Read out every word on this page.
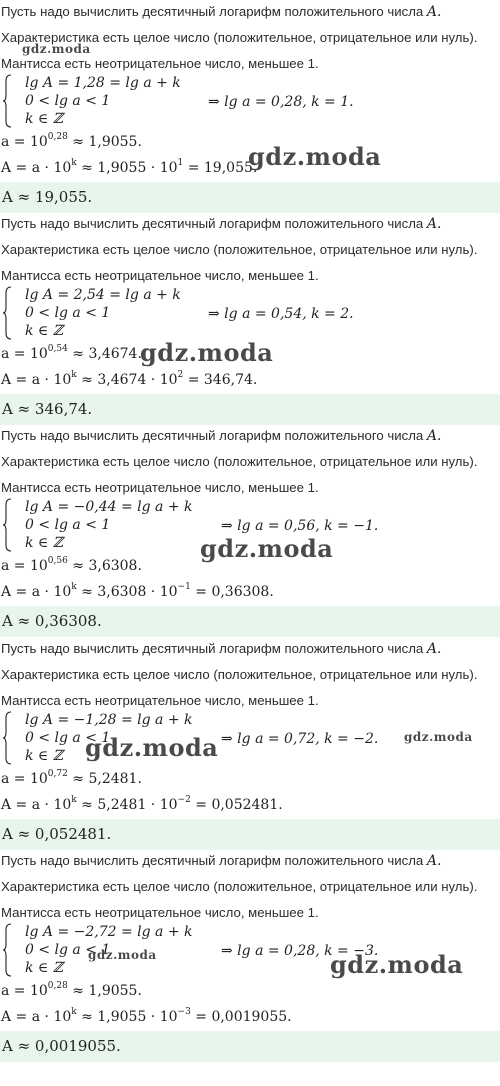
Пусть надо вычислить десятичный логарифм положительного числа A.
Характеристика есть целое число (положительное, отрицательное или нуль).
Мантисса есть неотрицательное число, меньшее 1.
lg A = 1,28 = lg a + k
0 < lg a < 1
k ∈ ℤ
⇒ lg a = 0,28, k = 1.
$a = 10^{0,28} \approx 1,9055$.
$A = a \cdot 10^k \approx 1,9055 \cdot 10^1 = 19,055$.
A ≈ 19,055.
Пусть надо вычислить десятичный логарифм положительного числа A.
Характеристика есть целое число (положительное, отрицательное или нуль).
Мантисса есть неотрицательное число, меньшее 1.
lg A = 2,54 = lg a + k
0 < lg a < 1
k ∈ ℤ
⇒ lg a = 0,54, k = 2.
$a = 10^{0,54} \approx 3,4674$.
$A = a \cdot 10^k \approx 3,4674 \cdot 10^2 = 346,74$.
A ≈ 346,74.
Пусть надо вычислить десятичный логарифм положительного числа A.
Характеристика есть целое число (положительное, отрицательное или нуль).
Мантисса есть неотрицательное число, меньшее 1.
lg A = −0,44 = lg a + k
0 < lg a < 1
k ∈ ℤ
⇒ lg a = 0,56, k = −1.
$a = 10^{0,56} \approx 3,6308$.
$A = a \cdot 10^k \approx 3,6308 \cdot 10^{-1} = 0,36308$.
A ≈ 0,36308.
Пусть надо вычислить десятичный логарифм положительного числа A.
Характеристика есть целое число (положительное, отрицательное или нуль).
Мантисса есть неотрицательное число, меньшее 1.
lg A = −1,28 = lg a + k
0 < lg a < 1
k ∈ ℤ
⇒ lg a = 0,72, k = −2.
$a = 10^{0,72} \approx 5,2481$.
$A = a \cdot 10^k \approx 5,2481 \cdot 10^{-2} = 0,052481$.
A ≈ 0,052481.
Пусть надо вычислить десятичный логарифм положительного числа A.
Характеристика есть целое число (положительное, отрицательное или нуль).
Мантисса есть неотрицательное число, меньшее 1.
lg A = −2,72 = lg a + k
0 < lg a < 1
k ∈ ℤ
⇒ lg a = 0,28, k = −3.
$a = 10^{0,28} \approx 1,9055$.
$A = a \cdot 10^k \approx 1,9055 \cdot 10^{-3} = 0,0019055$.
A ≈ 0,0019055.
gdz.moda
gdz.moda
gdz.moda
gdz.moda
gdz.moda	gdz.moda
gdz.moda	gdz.moda
